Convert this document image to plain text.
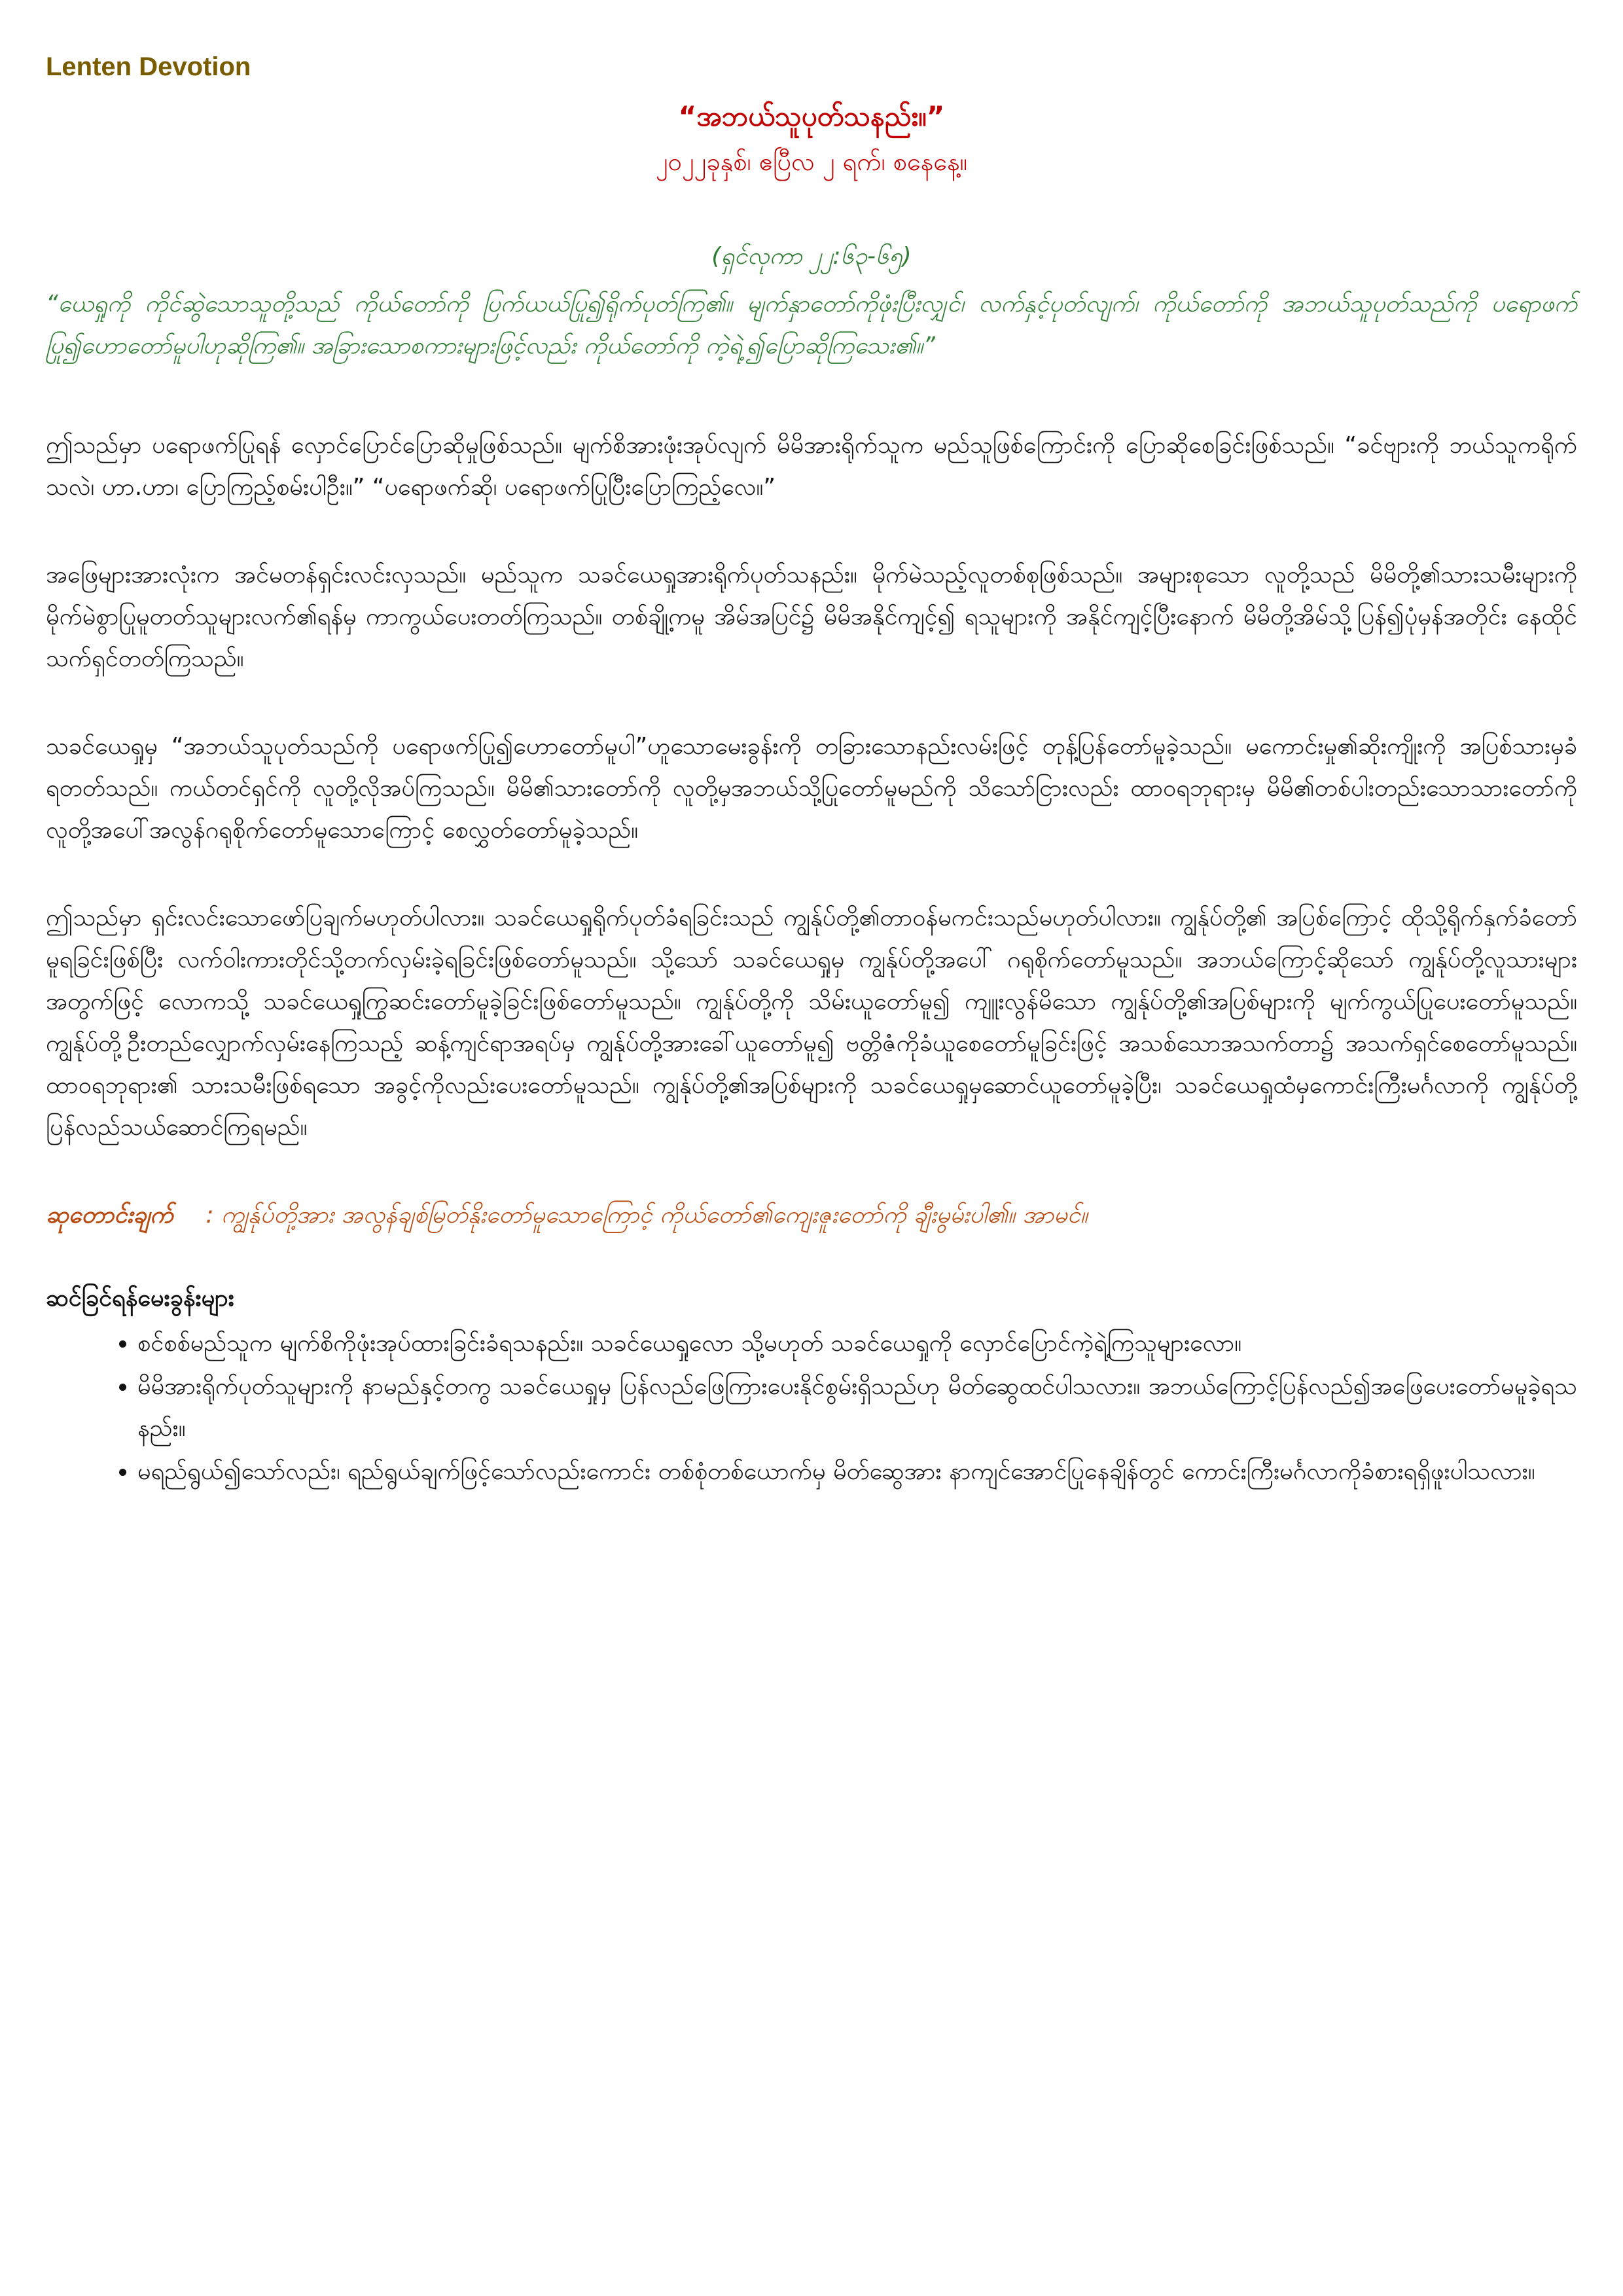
Lenten Devotion
“အဘယ်သူပုတ်သနည်း။”
၂၀၂၂ခုနှစ်၊ ဧပြီလ ၂ ရက်၊ စနေနေ့။
(ရှင်လုကာ ၂၂:၆၃-၆၅)
“ယေရှုကို ကိုင်ဆွဲသောသူတို့သည် ကိုယ်တော်ကို ပြက်ယယ်ပြု၍ရိုက်ပုတ်ကြ၏။ မျက်နှာတော်ကိုဖုံးပြီးလျှင်၊ လက်နှင့်ပုတ်လျက်၊ ကိုယ်တော်ကို အဘယ်သူပုတ်သည်ကို ပရောဖက်ပြု၍ဟောတော်မူပါဟုဆိုကြ၏။ အခြားသောစကားများဖြင့်လည်း ကိုယ်တော်ကို ကဲ့ရဲ့၍ပြောဆိုကြသေး၏။”
ဤသည်မှာ ပရောဖက်ပြုရန် လှောင်ပြောင်ပြောဆိုမှုဖြစ်သည်။ မျက်စိအားဖုံးအုပ်လျက် မိမိအားရိုက်သူက မည်သူဖြစ်ကြောင်းကို ပြောဆိုစေခြင်းဖြစ်သည်။ “ခင်ဗျားကို ဘယ်သူကရိုက်သလဲ၊ ဟာ.ဟာ၊ ပြောကြည့်စမ်းပါဦး။” “ပရောဖက်ဆို၊ ပရောဖက်ပြုပြီးပြောကြည့်လေ။”
အဖြေများအားလုံးက အင်မတန်ရှင်းလင်းလှသည်။ မည်သူက သခင်ယေရှုအားရိုက်ပုတ်သနည်း။ မိုက်မဲသည့်လူတစ်စုဖြစ်သည်။ အများစုသော လူတို့သည် မိမိတို့၏သားသမီးများကို မိုက်မဲစွာပြုမူတတ်သူများလက်၏ရန်မှ ကာကွယ်ပေးတတ်ကြသည်။ တစ်ချို့ကမူ အိမ်အပြင်၌ မိမိအနိုင်ကျင့်၍ ရသူများကို အနိုင်ကျင့်ပြီးနောက် မိမိတို့အိမ်သို့ပြန်၍ပုံမှန်အတိုင်း နေထိုင်သက်ရှင်တတ်ကြသည်။
သခင်ယေရှုမှ “အဘယ်သူပုတ်သည်ကို ပရောဖက်ပြု၍ဟောတော်မူပါ”ဟူသောမေးခွန်းကို တခြားသောနည်းလမ်းဖြင့် တုန့်ပြန်တော်မူခဲ့သည်။ မကောင်းမှု၏ဆိုးကျိုးကို အပြစ်သားမှခံရတတ်သည်။ ကယ်တင်ရှင်ကို လူတို့လိုအပ်ကြသည်။ မိမိ၏သားတော်ကို လူတို့မှအဘယ်သို့ပြုတော်မူမည်ကို သိသော်ငြားလည်း ထာဝရဘုရားမှ မိမိ၏တစ်ပါးတည်းသောသားတော်ကို လူတို့အပေါ်အလွန်ဂရုစိုက်တော်မူသောကြောင့် စေလွှတ်တော်မူခဲ့သည်။
ဤသည်မှာ ရှင်းလင်းသောဖော်ပြချက်မဟုတ်ပါလား။ သခင်ယေရှုရိုက်ပုတ်ခံရခြင်းသည် ကျွန်ုပ်တို့၏တာဝန်မကင်းသည်မဟုတ်ပါလား။ ကျွန်ုပ်တို့၏ အပြစ်ကြောင့် ထိုသို့ရိုက်နှက်ခံတော်မူရခြင်းဖြစ်ပြီး လက်ဝါးကားတိုင်သို့တက်လှမ်းခဲ့ရခြင်းဖြစ်တော်မူသည်။ သို့သော် သခင်ယေရှုမှ ကျွန်ုပ်တို့အပေါ် ဂရုစိုက်တော်မူသည်။ အဘယ်ကြောင့်ဆိုသော် ကျွန်ုပ်တို့လူသားများအတွက်ဖြင့် လောကသို့ သခင်ယေရှုကြွဆင်းတော်မူခဲ့ခြင်းဖြစ်တော်မူသည်။ ကျွန်ုပ်တို့ကို သိမ်းယူတော်မူ၍ ကျူးလွန်မိသော ကျွန်ုပ်တို့၏အပြစ်များကို မျက်ကွယ်ပြုပေးတော်မူသည်။ ကျွန်ုပ်တို့ဦးတည်လျှောက်လှမ်းနေကြသည့် ဆန့်ကျင်ရာအရပ်မှ ကျွန်ုပ်တို့အားခေါ်ယူတော်မူ၍ ဗတ္တိဇံကိုခံယူစေတော်မူခြင်းဖြင့် အသစ်သောအသက်တာ၌ အသက်ရှင်စေတော်မူသည်။ ထာဝရဘုရား၏ သားသမီးဖြစ်ရသော အခွင့်ကိုလည်းပေးတော်မူသည်။ ကျွန်ုပ်တို့၏အပြစ်များကို သခင်ယေရှုမှဆောင်ယူတော်မူခဲ့ပြီး၊ သခင်ယေရှုထံမှကောင်းကြီးမင်္ဂလာကို ကျွန်ုပ်တို့ပြန်လည်သယ်ဆောင်ကြရမည်။
ဆုတောင်းချက် : ကျွန်ုပ်တို့အား အလွန်ချစ်မြတ်နိုးတော်မူသောကြောင့် ကိုယ်တော်၏ကျေးဇူးတော်ကို ချီးမွမ်းပါ၏။ အာမင်။
ဆင်ခြင်ရန်မေးခွန်းများ
• စင်စစ်မည်သူက မျက်စိကိုဖုံးအုပ်ထားခြင်းခံရသနည်း။ သခင်ယေရှုလော သို့မဟုတ် သခင်ယေရှုကို လှောင်ပြောင်ကဲ့ရဲ့ကြသူများလော။
• မိမိအားရိုက်ပုတ်သူများကို နာမည်နှင့်တကွ သခင်ယေရှုမှ ပြန်လည်ဖြေကြားပေးနိုင်စွမ်းရှိသည်ဟု မိတ်ဆွေထင်ပါသလား။ အဘယ်ကြောင့်ပြန်လည်၍အဖြေပေးတော်မမူခဲ့ရသနည်း။
• မရည်ရွယ်၍သော်လည်း၊ ရည်ရွယ်ချက်ဖြင့်သော်လည်းကောင်း တစ်စုံတစ်ယောက်မှ မိတ်ဆွေအား နာကျင်အောင်ပြုနေချိန်တွင် ကောင်းကြီးမင်္ဂလာကိုခံစားရရှိဖူးပါသလား။
